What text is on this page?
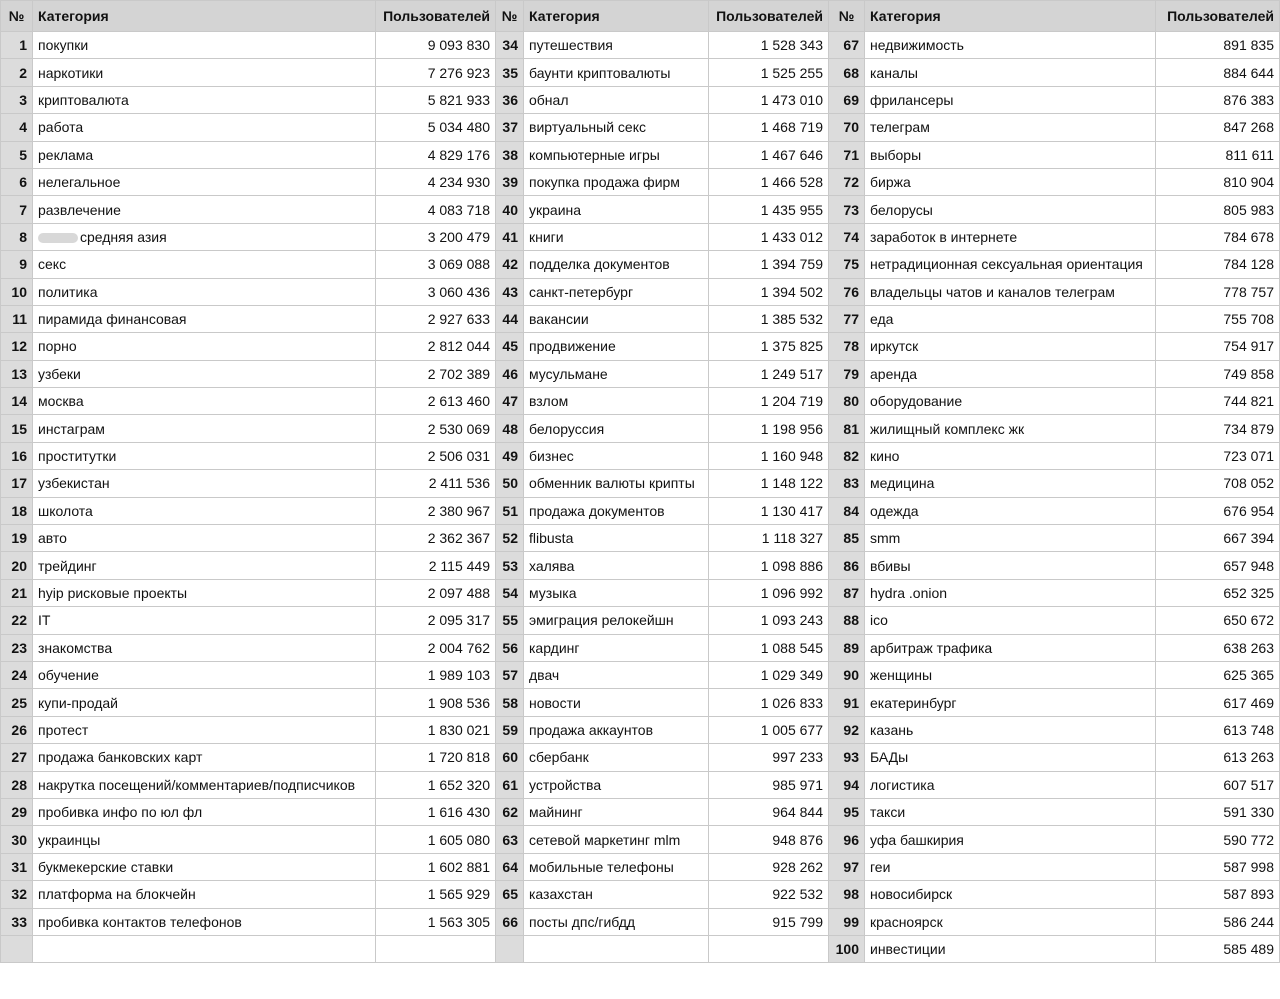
№	Категория	Пользователей	№	Категория	Пользователей	№	Категория	Пользователей
1	покупки	9 093 830	34	путешествия	1 528 343	67	недвижимость	891 835
2	наркотики	7 276 923	35	баунти криптовалюты	1 525 255	68	каналы	884 644
3	криптовалюта	5 821 933	36	обнал	1 473 010	69	фрилансеры	876 383
4	работа	5 034 480	37	виртуальный секс	1 468 719	70	телеграм	847 268
5	реклама	4 829 176	38	компьютерные игры	1 467 646	71	выборы	811 611
6	нелегальное	4 234 930	39	покупка продажа фирм	1 466 528	72	биржа	810 904
7	развлечение	4 083 718	40	украина	1 435 955	73	белорусы	805 983
8	средняя азия	3 200 479	41	книги	1 433 012	74	заработок в интернете	784 678
9	секс	3 069 088	42	подделка документов	1 394 759	75	нетрадиционная сексуальная ориентация	784 128
10	политика	3 060 436	43	санкт-петербург	1 394 502	76	владельцы чатов и каналов телеграм	778 757
11	пирамида финансовая	2 927 633	44	вакансии	1 385 532	77	еда	755 708
12	порно	2 812 044	45	продвижение	1 375 825	78	иркутск	754 917
13	узбеки	2 702 389	46	мусульмане	1 249 517	79	аренда	749 858
14	москва	2 613 460	47	взлом	1 204 719	80	оборудование	744 821
15	инстаграм	2 530 069	48	белоруссия	1 198 956	81	жилищный комплекс жк	734 879
16	проститутки	2 506 031	49	бизнес	1 160 948	82	кино	723 071
17	узбекистан	2 411 536	50	обменник валюты крипты	1 148 122	83	медицина	708 052
18	школота	2 380 967	51	продажа документов	1 130 417	84	одежда	676 954
19	авто	2 362 367	52	flibusta	1 118 327	85	smm	667 394
20	трейдинг	2 115 449	53	халява	1 098 886	86	вбивы	657 948
21	hyip рисковые проекты	2 097 488	54	музыка	1 096 992	87	hydra .onion	652 325
22	IT	2 095 317	55	эмиграция релокейшн	1 093 243	88	ico	650 672
23	знакомства	2 004 762	56	кардинг	1 088 545	89	арбитраж трафика	638 263
24	обучение	1 989 103	57	двач	1 029 349	90	женщины	625 365
25	купи-продай	1 908 536	58	новости	1 026 833	91	екатеринбург	617 469
26	протест	1 830 021	59	продажа аккаунтов	1 005 677	92	казань	613 748
27	продажа банковских карт	1 720 818	60	сбербанк	997 233	93	БАДы	613 263
28	накрутка посещений/комментариев/подписчиков	1 652 320	61	устройства	985 971	94	логистика	607 517
29	пробивка инфо по юл фл	1 616 430	62	майнинг	964 844	95	такси	591 330
30	украинцы	1 605 080	63	сетевой маркетинг mlm	948 876	96	уфа башкирия	590 772
31	букмекерские ставки	1 602 881	64	мобильные телефоны	928 262	97	геи	587 998
32	платформа на блокчейн	1 565 929	65	казахстан	922 532	98	новосибирск	587 893
33	пробивка контактов телефонов	1 563 305	66	посты дпс/гибдд	915 799	99	красноярск	586 244
						100	инвестиции	585 489
